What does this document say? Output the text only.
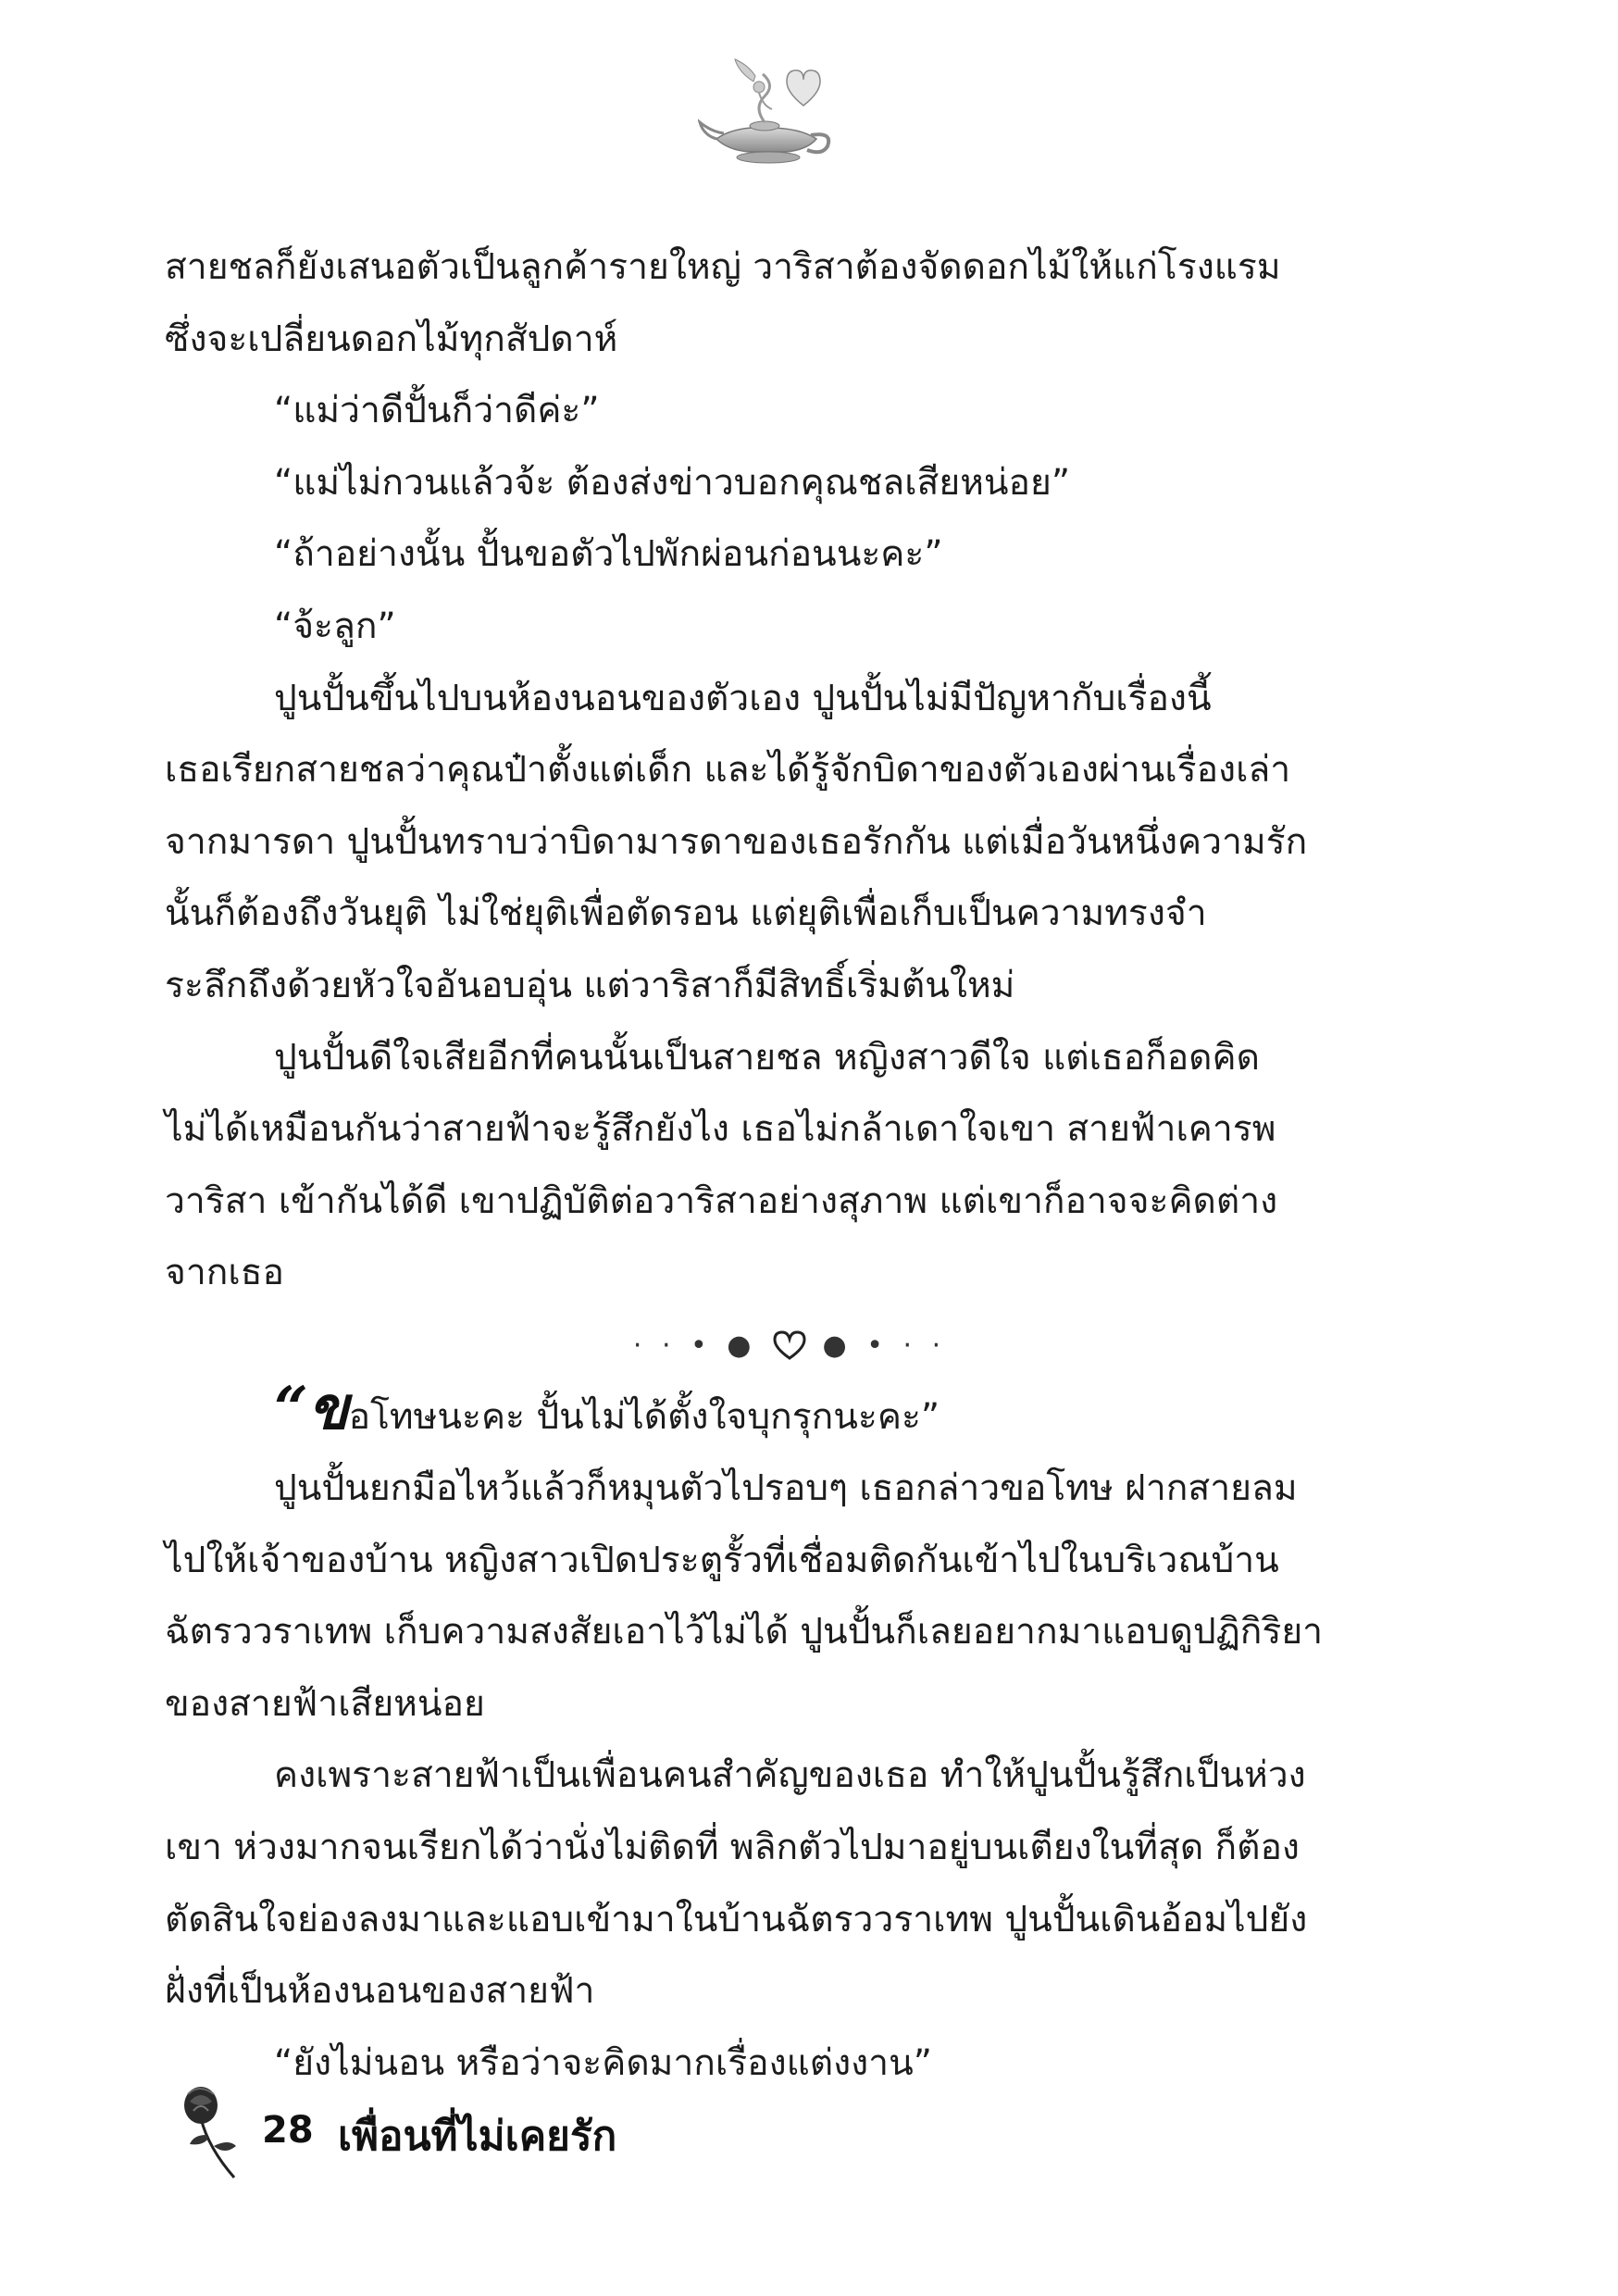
สายชลก็ยังเสนอตัวเป็นลูกค้ารายใหญ่ วาริสาต้องจัดดอกไม้ให้แก่โรงแรม

ซึ่งจะเปลี่ยนดอกไม้ทุกสัปดาห์

“แม่ว่าดีปั้นก็ว่าดีค่ะ”

“แม่ไม่กวนแล้วจ้ะ ต้องส่งข่าวบอกคุณชลเสียหน่อย”

“ถ้าอย่างนั้น ปั้นขอตัวไปพักผ่อนก่อนนะคะ”

“จ้ะลูก”

ปูนปั้นขึ้นไปบนห้องนอนของตัวเอง ปูนปั้นไม่มีปัญหากับเรื่องนี้

เธอเรียกสายชลว่าคุณป๋าตั้งแต่เด็ก และได้รู้จักบิดาของตัวเองผ่านเรื่องเล่า

จากมารดา ปูนปั้นทราบว่าบิดามารดาของเธอรักกัน แต่เมื่อวันหนึ่งความรัก

นั้นก็ต้องถึงวันยุติ ไม่ใช่ยุติเพื่อตัดรอน แต่ยุติเพื่อเก็บเป็นความทรงจำ

ระลึกถึงด้วยหัวใจอันอบอุ่น แต่วาริสาก็มีสิทธิ์เริ่มต้นใหม่

ปูนปั้นดีใจเสียอีกที่คนนั้นเป็นสายชล หญิงสาวดีใจ แต่เธอก็อดคิด

ไม่ได้เหมือนกันว่าสายฟ้าจะรู้สึกยังไง เธอไม่กล้าเดาใจเขา สายฟ้าเคารพ

วาริสา เข้ากันได้ดี เขาปฏิบัติต่อวาริสาอย่างสุภาพ แต่เขาก็อาจจะคิดต่าง

จากเธอ

· · • ● ● • · ·

“ขอโทษนะคะ ปั้นไม่ได้ตั้งใจบุกรุกนะคะ”

ปูนปั้นยกมือไหว้แล้วก็หมุนตัวไปรอบๆ เธอกล่าวขอโทษ ฝากสายลม

ไปให้เจ้าของบ้าน หญิงสาวเปิดประตูรั้วที่เชื่อมติดกันเข้าไปในบริเวณบ้าน

ฉัตรววราเทพ เก็บความสงสัยเอาไว้ไม่ได้ ปูนปั้นก็เลยอยากมาแอบดูปฏิกิริยา

ของสายฟ้าเสียหน่อย

คงเพราะสายฟ้าเป็นเพื่อนคนสำคัญของเธอ ทำให้ปูนปั้นรู้สึกเป็นห่วง

เขา ห่วงมากจนเรียกได้ว่านั่งไม่ติดที่ พลิกตัวไปมาอยู่บนเตียงในที่สุด ก็ต้อง

ตัดสินใจย่องลงมาและแอบเข้ามาในบ้านฉัตรววราเทพ ปูนปั้นเดินอ้อมไปยัง

ฝั่งที่เป็นห้องนอนของสายฟ้า

“ยังไม่นอน หรือว่าจะคิดมากเรื่องแต่งงาน”

28 เพื่อนที่ไม่เคยรัก
